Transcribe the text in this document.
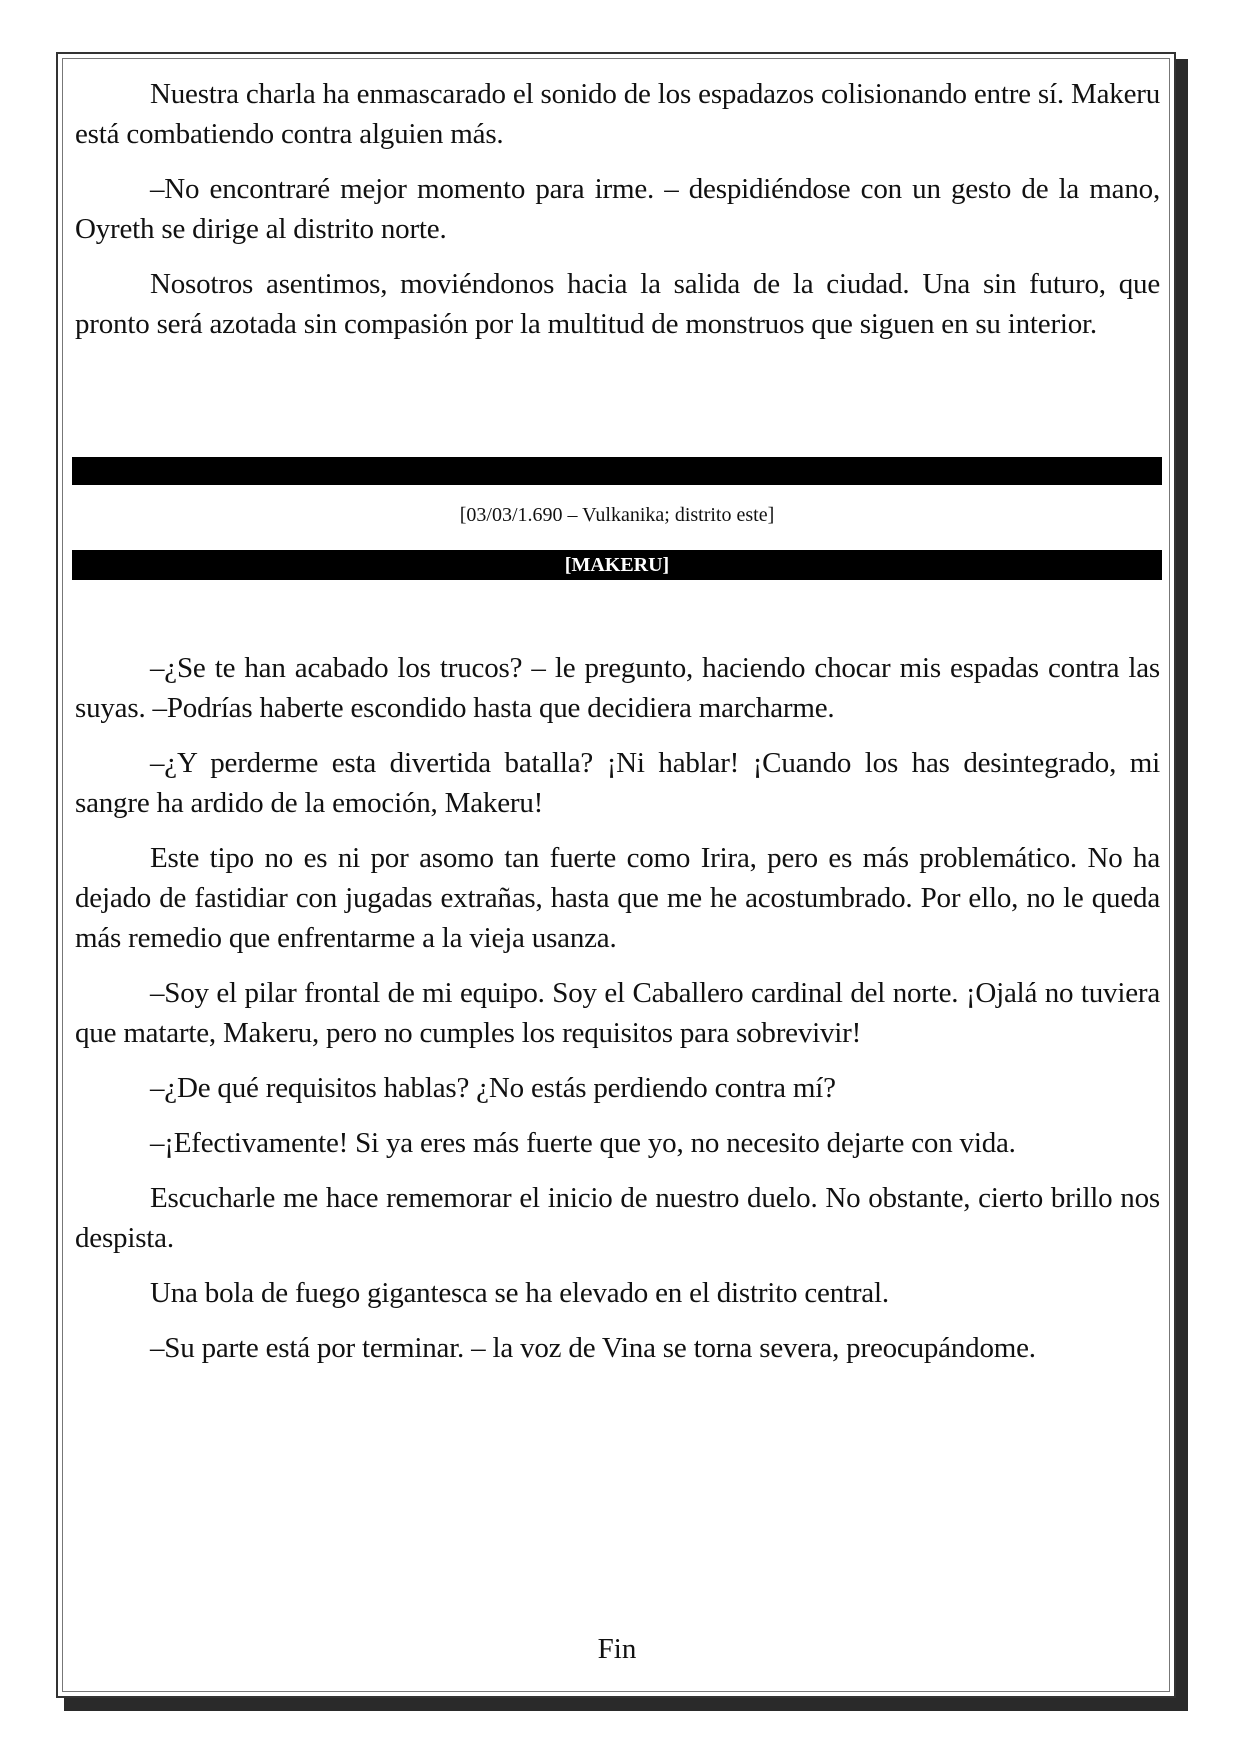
Nuestra charla ha enmascarado el sonido de los espadazos colisionando entre sí. Makeru está combatiendo contra alguien más.

–No encontraré mejor momento para irme. – despidiéndose con un gesto de la mano, Oyreth se dirige al distrito norte.

Nosotros asentimos, moviéndonos hacia la salida de la ciudad. Una sin futuro, que pronto será azotada sin compasión por la multitud de monstruos que siguen en su interior.

[03/03/1.690 – Vulkanika; distrito este]
[MAKERU]

–¿Se te han acabado los trucos? – le pregunto, haciendo chocar mis espadas contra las suyas. –Podrías haberte escondido hasta que decidiera marcharme.

–¿Y perderme esta divertida batalla? ¡Ni hablar! ¡Cuando los has desintegrado, mi sangre ha ardido de la emoción, Makeru!

Este tipo no es ni por asomo tan fuerte como Irira, pero es más problemático. No ha dejado de fastidiar con jugadas extrañas, hasta que me he acostumbrado. Por ello, no le queda más remedio que enfrentarme a la vieja usanza.

–Soy el pilar frontal de mi equipo. Soy el Caballero cardinal del norte. ¡Ojalá no tuviera que matarte, Makeru, pero no cumples los requisitos para sobrevivir!

–¿De qué requisitos hablas? ¿No estás perdiendo contra mí?

–¡Efectivamente! Si ya eres más fuerte que yo, no necesito dejarte con vida.

Escucharle me hace rememorar el inicio de nuestro duelo. No obstante, cierto brillo nos despista.

Una bola de fuego gigantesca se ha elevado en el distrito central.

–Su parte está por terminar. – la voz de Vina se torna severa, preocupándome.

Fin
